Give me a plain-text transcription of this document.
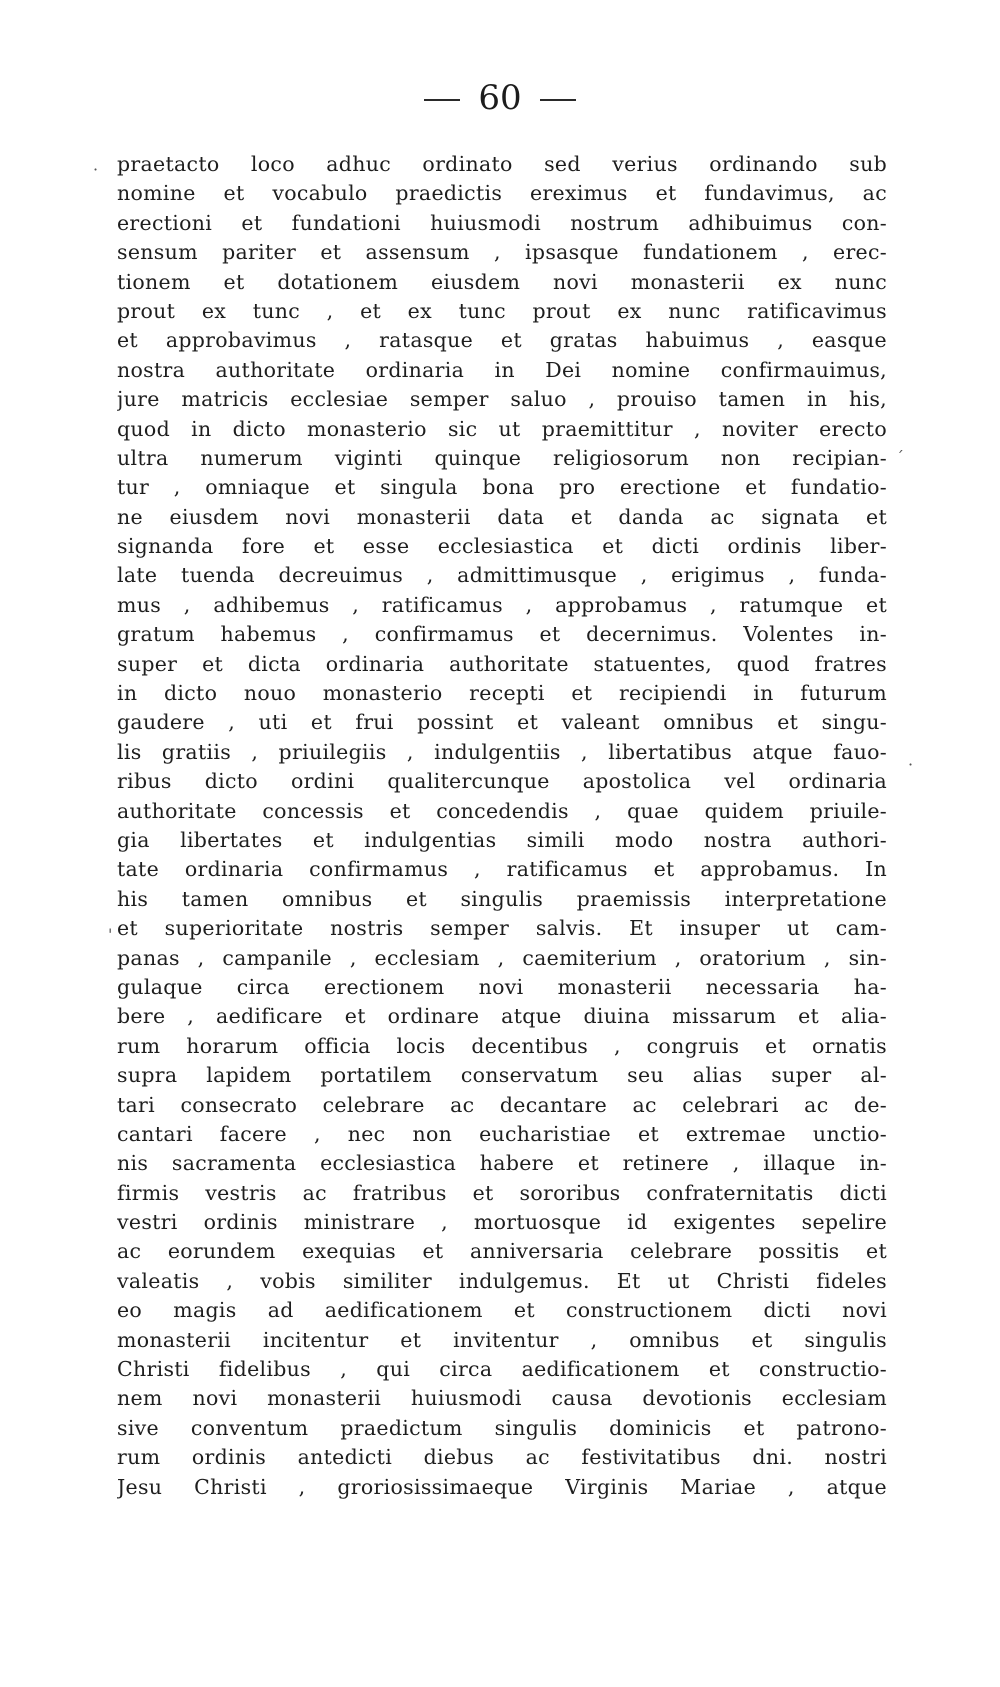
60
praetacto loco adhuc ordinato sed verius ordinando sub
nomine et vocabulo praedictis ereximus et fundavimus, ac
erectioni et fundationi huiusmodi nostrum adhibuimus con-
sensum pariter et assensum , ipsasque fundationem , erec-
tionem et dotationem eiusdem novi monasterii ex nunc
prout ex tunc , et ex tunc prout ex nunc ratificavimus
et approbavimus , ratasque et gratas habuimus , easque
nostra authoritate ordinaria in Dei nomine confirmauimus,
jure matricis ecclesiae semper saluo , prouiso tamen in his,
quod in dicto monasterio sic ut praemittitur , noviter erecto
ultra numerum viginti quinque religiosorum non recipian-
tur , omniaque et singula bona pro erectione et fundatio-
ne eiusdem novi monasterii data et danda ac signata et
signanda fore et esse ecclesiastica et dicti ordinis liber-
late tuenda decreuimus , admittimusque , erigimus , funda-
mus , adhibemus , ratificamus , approbamus , ratumque et
gratum habemus , confirmamus et decernimus. Volentes in-
super et dicta ordinaria authoritate statuentes, quod fratres
in dicto nouo monasterio recepti et recipiendi in futurum
gaudere , uti et frui possint et valeant omnibus et singu-
lis gratiis , priuilegiis , indulgentiis , libertatibus atque fauo-
ribus dicto ordini qualitercunque apostolica vel ordinaria
authoritate concessis et concedendis , quae quidem priuile-
gia libertates et indulgentias simili modo nostra authori-
tate ordinaria confirmamus , ratificamus et approbamus. In
his tamen omnibus et singulis praemissis interpretatione
et superioritate nostris semper salvis. Et insuper ut cam-
panas , campanile , ecclesiam , caemiterium , oratorium , sin-
gulaque circa erectionem novi monasterii necessaria ha-
bere , aedificare et ordinare atque diuina missarum et alia-
rum horarum officia locis decentibus , congruis et ornatis
supra lapidem portatilem conservatum seu alias super al-
tari consecrato celebrare ac decantare ac celebrari ac de-
cantari facere , nec non eucharistiae et extremae unctio-
nis sacramenta ecclesiastica habere et retinere , illaque in-
firmis vestris ac fratribus et sororibus confraternitatis dicti
vestri ordinis ministrare , mortuosque id exigentes sepelire
ac eorundem exequias et anniversaria celebrare possitis et
valeatis , vobis similiter indulgemus. Et ut Christi fideles
eo magis ad aedificationem et constructionem dicti novi
monasterii incitentur et invitentur , omnibus et singulis
Christi fidelibus , qui circa aedificationem et constructio-
nem novi monasterii huiusmodi causa devotionis ecclesiam
sive conventum praedictum singulis dominicis et patrono-
rum ordinis antedicti diebus ac festivitatibus dni. nostri
Jesu Christi , groriosissimaeque Virginis Mariae , atque
·
´
·
'
